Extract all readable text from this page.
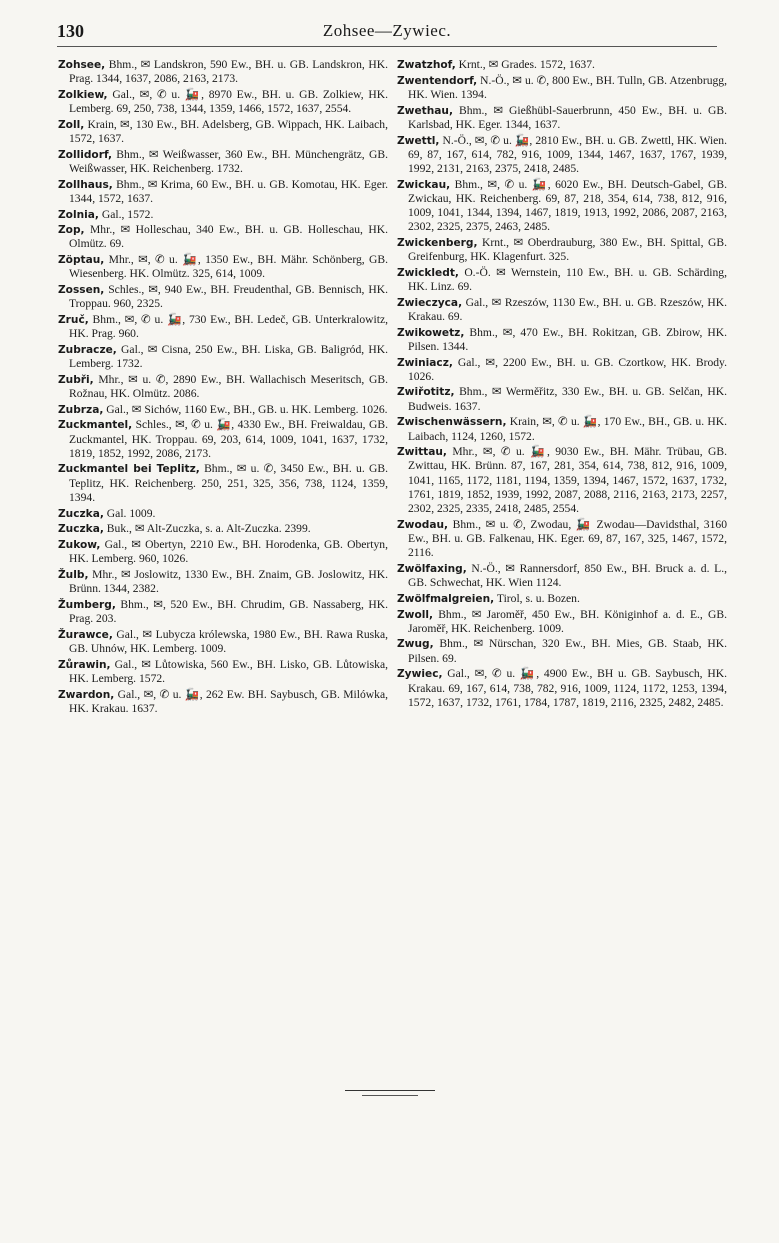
130	Zohsee—Zywiec.
Zohsee, Bhm., ✉ Landskron, 590 Ew., BH. u. GB. Landskron, HK. Prag. 1344, 1637, 2086, 2163, 2173.
Zolkiew, Gal., ✉, ✆ u. 🚂, 8970 Ew., BH. u. GB. Zolkiew, HK. Lemberg. 69, 250, 738, 1344, 1359, 1466, 1572, 1637, 2554.
Zoll, Krain, ✉, 130 Ew., BH. Adelsberg, GB. Wippach, HK. Laibach, 1572, 1637.
Zollidorf, Bhm., ✉ Weißwasser, 360 Ew., BH. Münchengrätz, GB. Weißwasser, HK. Reichenberg. 1732.
Zollhaus, Bhm., ✉ Krima, 60 Ew., BH. u. GB. Komotau, HK. Eger. 1344, 1572, 1637.
Zolnia, Gal., 1572.
Zop, Mhr., ✉ Holleschau, 340 Ew., BH. u. GB. Holleschau, HK. Olmütz. 69.
Zöptau, Mhr., ✉, ✆ u. 🚂, 1350 Ew., BH. Mähr. Schönberg, GB. Wiesenberg. HK. Olmütz. 325, 614, 1009.
Zossen, Schles., ✉, 940 Ew., BH. Freudenthal, GB. Bennisch, HK. Troppau. 960, 2325.
Zruč, Bhm., ✉, ✆ u. 🚂, 730 Ew., BH. Ledeč, GB. Unterkralowitz, HK. Prag. 960.
Zubracze, Gal., ✉ Cisna, 250 Ew., BH. Liska, GB. Baligród, HK. Lemberg. 1732.
Zubři, Mhr., ✉ u. ✆, 2890 Ew., BH. Wallachisch Meseritsch, GB. Rožnau, HK. Olmütz. 2086.
Zubrza, Gal., ✉ Sichów, 1160 Ew., BH., GB. u. HK. Lemberg. 1026.
Zuckmantel, Schles., ✉, ✆ u. 🚂, 4330 Ew., BH. Freiwaldau, GB. Zuckmantel, HK. Troppau. 69, 203, 614, 1009, 1041, 1637, 1732, 1819, 1852, 1992, 2086, 2173.
Zuckmantel bei Teplitz, Bhm., ✉ u. ✆, 3450 Ew., BH. u. GB. Teplitz, HK. Reichenberg. 250, 251, 325, 356, 738, 1124, 1359, 1394.
Zuczka, Gal. 1009.
Zuczka, Buk., ✉ Alt-Zuczka, s. a. Alt-Zuczka. 2399.
Zukow, Gal., ✉ Obertyn, 2210 Ew., BH. Horodenka, GB. Obertyn, HK. Lemberg. 960, 1026.
Žulb, Mhr., ✉ Joslowitz, 1330 Ew., BH. Znaim, GB. Joslowitz, HK. Brünn. 1344, 2382.
Žumberg, Bhm., ✉, 520 Ew., BH. Chrudim, GB. Nassaberg, HK. Prag. 203.
Žurawce, Gal., ✉ Lubycza królewska, 1980 Ew., BH. Rawa Ruska, GB. Uhnów, HK. Lemberg. 1009.
Zůrawin, Gal., ✉ Lůtowiska, 560 Ew., BH. Lisko, GB. Lůtowiska, HK. Lemberg. 1572.
Zwardon, Gal., ✉, ✆ u. 🚂, 262 Ew. BH. Saybusch, GB. Milówka, HK. Krakau. 1637.
Zwatzhof, Krnt., ✉ Grades. 1572, 1637.
Zwentendorf, N.-Ö., ✉ u. ✆, 800 Ew., BH. Tulln, GB. Atzenbrugg, HK. Wien. 1394.
Zwethau, Bhm., ✉ Gießhübl-Sauerbrunn, 450 Ew., BH. u. GB. Karlsbad, HK. Eger. 1344, 1637.
Zwettl, N.-Ö., ✉, ✆ u. 🚂, 2810 Ew., BH. u. GB. Zwettl, HK. Wien. 69, 87, 167, 614, 782, 916, 1009, 1344, 1467, 1637, 1767, 1939, 1992, 2131, 2163, 2375, 2418, 2485.
Zwickau, Bhm., ✉, ✆ u. 🚂, 6020 Ew., BH. Deutsch-Gabel, GB. Zwickau, HK. Reichenberg. 69, 87, 218, 354, 614, 738, 812, 916, 1009, 1041, 1344, 1394, 1467, 1819, 1913, 1992, 2086, 2087, 2163, 2302, 2325, 2375, 2463, 2485.
Zwickenberg, Krnt., ✉ Oberdrauburg, 380 Ew., BH. Spittal, GB. Greifenburg, HK. Klagenfurt. 325.
Zwickledt, O.-Ö. ✉ Wernstein, 110 Ew., BH. u. GB. Schärding, HK. Linz. 69.
Zwieczyca, Gal., ✉ Rzeszów, 1130 Ew., BH. u. GB. Rzeszów, HK. Krakau. 69.
Zwikowetz, Bhm., ✉, 470 Ew., BH. Rokitzan, GB. Zbirow, HK. Pilsen. 1344.
Zwiniacz, Gal., ✉, 2200 Ew., BH. u. GB. Czortkow, HK. Brody. 1026.
Zwiřotitz, Bhm., ✉ Werměřitz, 330 Ew., BH. u. GB. Selčan, HK. Budweis. 1637.
Zwischenwässern, Krain, ✉, ✆ u. 🚂, 170 Ew., BH., GB. u. HK. Laibach, 1124, 1260, 1572.
Zwittau, Mhr., ✉, ✆ u. 🚂, 9030 Ew., BH. Mähr. Trübau, GB. Zwittau, HK. Brünn. 87, 167, 281, 354, 614, 738, 812, 916, 1009, 1041, 1165, 1172, 1181, 1194, 1359, 1394, 1467, 1572, 1637, 1732, 1761, 1819, 1852, 1939, 1992, 2087, 2088, 2116, 2163, 2173, 2257, 2302, 2325, 2335, 2418, 2485, 2554.
Zwodau, Bhm., ✉ u. ✆, Zwodau, 🚂 Zwodau—Davidsthal, 3160 Ew., BH. u. GB. Falkenau, HK. Eger. 69, 87, 167, 325, 1467, 1572, 2116.
Zwölfaxing, N.-Ö., ✉ Rannersdorf, 850 Ew., BH. Bruck a. d. L., GB. Schwechat, HK. Wien 1124.
Zwölfmalgreien, Tirol, s. u. Bozen.
Zwoll, Bhm., ✉ Jaroměř, 450 Ew., BH. Königinhof a. d. E., GB. Jaroměř, HK. Reichenberg. 1009.
Zwug, Bhm., ✉ Nürschan, 320 Ew., BH. Mies, GB. Staab, HK. Pilsen. 69.
Zywiec, Gal., ✉, ✆ u. 🚂, 4900 Ew., BH u. GB. Saybusch, HK. Krakau. 69, 167, 614, 738, 782, 916, 1009, 1124, 1172, 1253, 1394, 1572, 1637, 1732, 1761, 1784, 1787, 1819, 2116, 2325, 2482, 2485.
